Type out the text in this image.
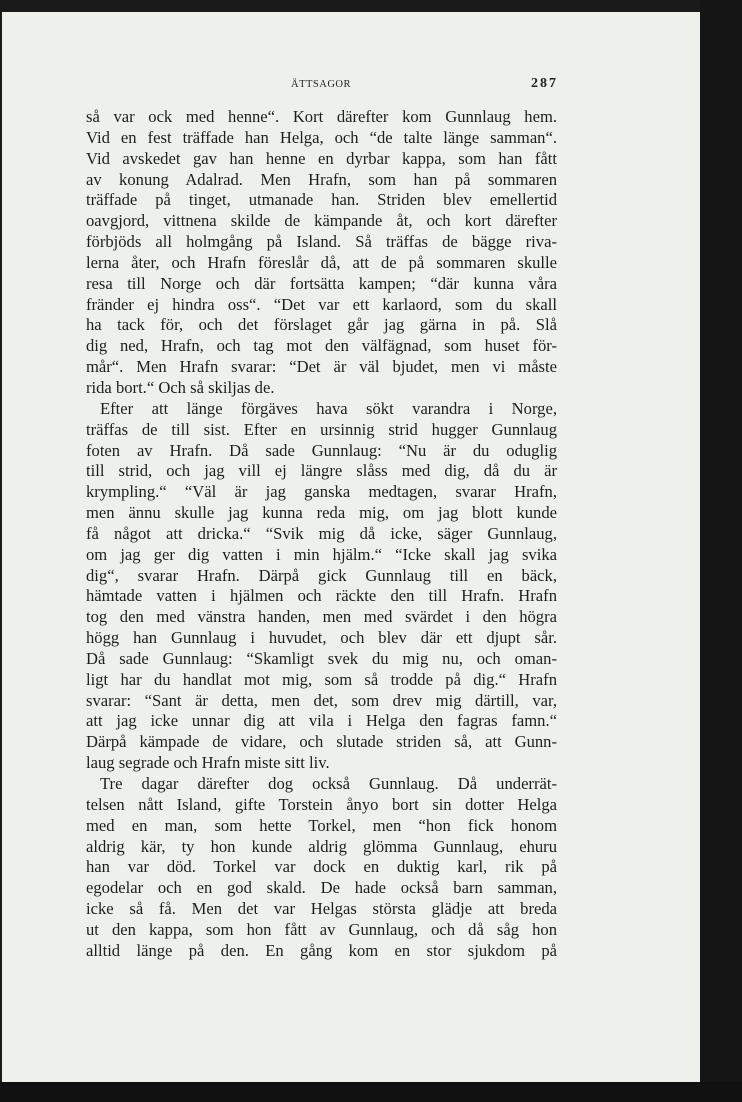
ÄTTSAGOR	287
så var ock med henne“. Kort därefter kom Gunnlaug hem.
Vid en fest träffade han Helga, och “de talte länge samman“.
Vid avskedet gav han henne en dyrbar kappa, som han fått
av konung Adalrad. Men Hrafn, som han på sommaren
träffade på tinget, utmanade han. Striden blev emellertid
oavgjord, vittnena skilde de kämpande åt, och kort därefter
förbjöds all holmgång på Island. Så träffas de bägge riva-
lerna åter, och Hrafn föreslår då, att de på sommaren skulle
resa till Norge och där fortsätta kampen; “där kunna våra
fränder ej hindra oss“. “Det var ett karlaord, som du skall
ha tack för, och det förslaget går jag gärna in på. Slå
dig ned, Hrafn, och tag mot den välfägnad, som huset för-
mår“. Men Hrafn svarar: “Det är väl bjudet, men vi måste
rida bort.“ Och så skiljas de.
Efter att länge förgäves hava sökt varandra i Norge,
träffas de till sist. Efter en ursinnig strid hugger Gunnlaug
foten av Hrafn. Då sade Gunnlaug: “Nu är du oduglig
till strid, och jag vill ej längre slåss med dig, då du är
krympling.“ “Väl är jag ganska medtagen, svarar Hrafn,
men ännu skulle jag kunna reda mig, om jag blott kunde
få något att dricka.“ “Svik mig då icke, säger Gunnlaug,
om jag ger dig vatten i min hjälm.“ “Icke skall jag svika
dig“, svarar Hrafn. Därpå gick Gunnlaug till en bäck,
hämtade vatten i hjälmen och räckte den till Hrafn. Hrafn
tog den med vänstra handen, men med svärdet i den högra
högg han Gunnlaug i huvudet, och blev där ett djupt sår.
Då sade Gunnlaug: “Skamligt svek du mig nu, och oman-
ligt har du handlat mot mig, som så trodde på dig.“ Hrafn
svarar: “Sant är detta, men det, som drev mig därtill, var,
att jag icke unnar dig att vila i Helga den fagras famn.“
Därpå kämpade de vidare, och slutade striden så, att Gunn-
laug segrade och Hrafn miste sitt liv.
Tre dagar därefter dog också Gunnlaug. Då underrät-
telsen nått Island, gifte Torstein ånyo bort sin dotter Helga
med en man, som hette Torkel, men “hon fick honom
aldrig kär, ty hon kunde aldrig glömma Gunnlaug, ehuru
han var död. Torkel var dock en duktig karl, rik på
egodelar och en god skald. De hade också barn samman,
icke så få. Men det var Helgas största glädje att breda
ut den kappa, som hon fått av Gunnlaug, och då såg hon
alltid länge på den. En gång kom en stor sjukdom på
